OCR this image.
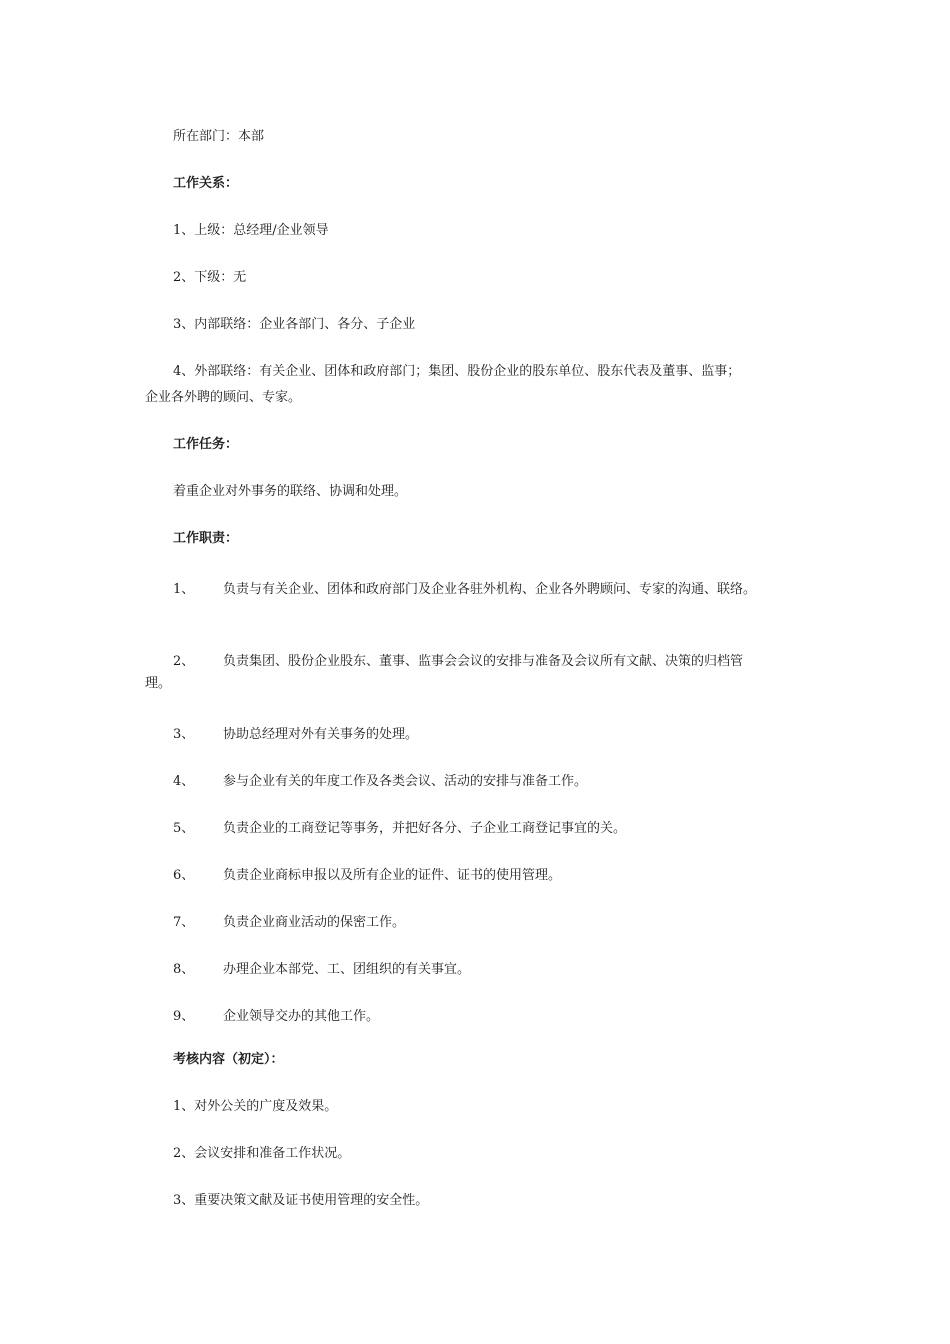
所在部门：本部
工作关系：
1、上级：总经理/企业领导
2、下级：无
3、内部联络：企业各部门、各分、子企业
4、外部联络：有关企业、团体和政府部门；集团、股份企业的股东单位、股东代表及董事、监事；
企业各外聘的顾问、专家。
工作任务：
着重企业对外事务的联络、协调和处理。
工作职责：
1、 负责与有关企业、团体和政府部门及企业各驻外机构、企业各外聘顾问、专家的沟通、联络。
2、 负责集团、股份企业股东、董事、监事会会议的安排与准备及会议所有文献、决策的归档管
理。
3、 协助总经理对外有关事务的处理。
4、 参与企业有关的年度工作及各类会议、活动的安排与准备工作。
5、 负责企业的工商登记等事务，并把好各分、子企业工商登记事宜的关。
6、 负责企业商标申报以及所有企业的证件、证书的使用管理。
7、 负责企业商业活动的保密工作。
8、 办理企业本部党、工、团组织的有关事宜。
9、 企业领导交办的其他工作。
考核内容（初定）：
1、对外公关的广度及效果。
2、会议安排和准备工作状况。
3、重要决策文献及证书使用管理的安全性。
